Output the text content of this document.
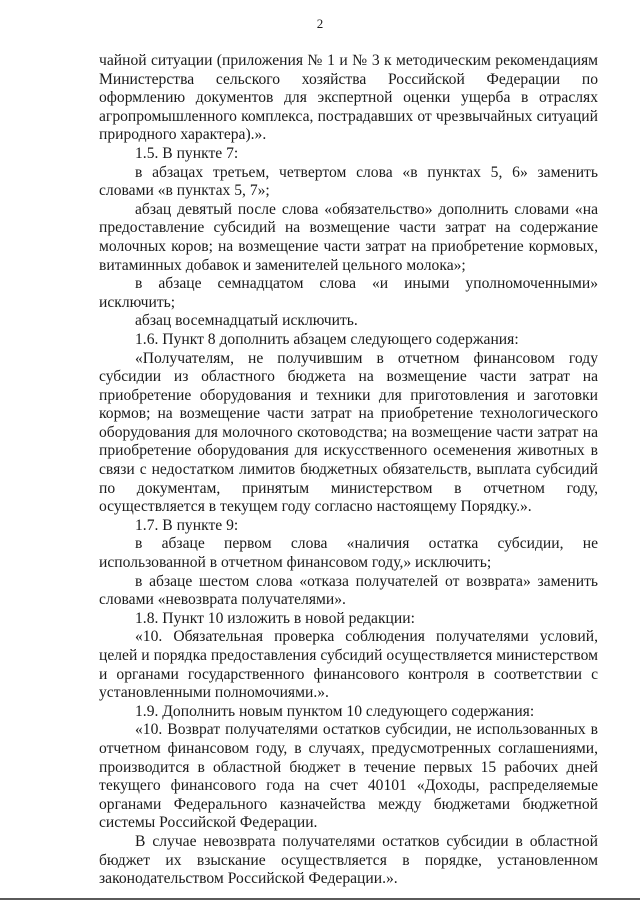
2

чайной ситуации (приложения № 1 и № 3 к методическим рекомендациям Министерства сельского хозяйства Российской Федерации по оформлению документов для экспертной оценки ущерба в отраслях агропромышленного комплекса, пострадавших от чрезвычайных ситуаций природного характера).».

1.5. В пункте 7:

в абзацах третьем, четвертом слова «в пунктах 5, 6» заменить словами «в пунктах 5, 7»;

абзац девятый после слова «обязательство» дополнить словами «на предоставление субсидий на возмещение части затрат на содержание молочных коров; на возмещение части затрат на приобретение кормовых, витаминных добавок и заменителей цельного молока»;

в абзаце семнадцатом слова «и иными уполномоченными» исключить;

абзац восемнадцатый исключить.

1.6. Пункт 8 дополнить абзацем следующего содержания:

«Получателям, не получившим в отчетном финансовом году субсидии из областного бюджета на возмещение части затрат на приобретение оборудования и техники для приготовления и заготовки кормов; на возмещение части затрат на приобретение технологического оборудования для молочного скотоводства; на возмещение части затрат на приобретение оборудования для искусственного осеменения животных в связи с недостатком лимитов бюджетных обязательств, выплата субсидий по документам, принятым министерством в отчетном году, осуществляется в текущем году согласно настоящему Порядку.».

1.7. В пункте 9:

в абзаце первом слова «наличия остатка субсидии, не использованной в отчетном финансовом году,» исключить;

в абзаце шестом слова «отказа получателей от возврата» заменить словами «невозврата получателями».

1.8. Пункт 10 изложить в новой редакции:

«10. Обязательная проверка соблюдения получателями условий, целей и порядка предоставления субсидий осуществляется министерством и органами государственного финансового контроля в соответствии с установленными полномочиями.».

1.9. Дополнить новым пунктом 10 следующего содержания:

«10. Возврат получателями остатков субсидии, не использованных в отчетном финансовом году, в случаях, предусмотренных соглашениями, производится в областной бюджет в течение первых 15 рабочих дней текущего финансового года на счет 40101 «Доходы, распределяемые органами Федерального казначейства между бюджетами бюджетной системы Российской Федерации.

В случае невозврата получателями остатков субсидии в областной бюджет их взыскание осуществляется в порядке, установленном законодательством Российской Федерации.».
